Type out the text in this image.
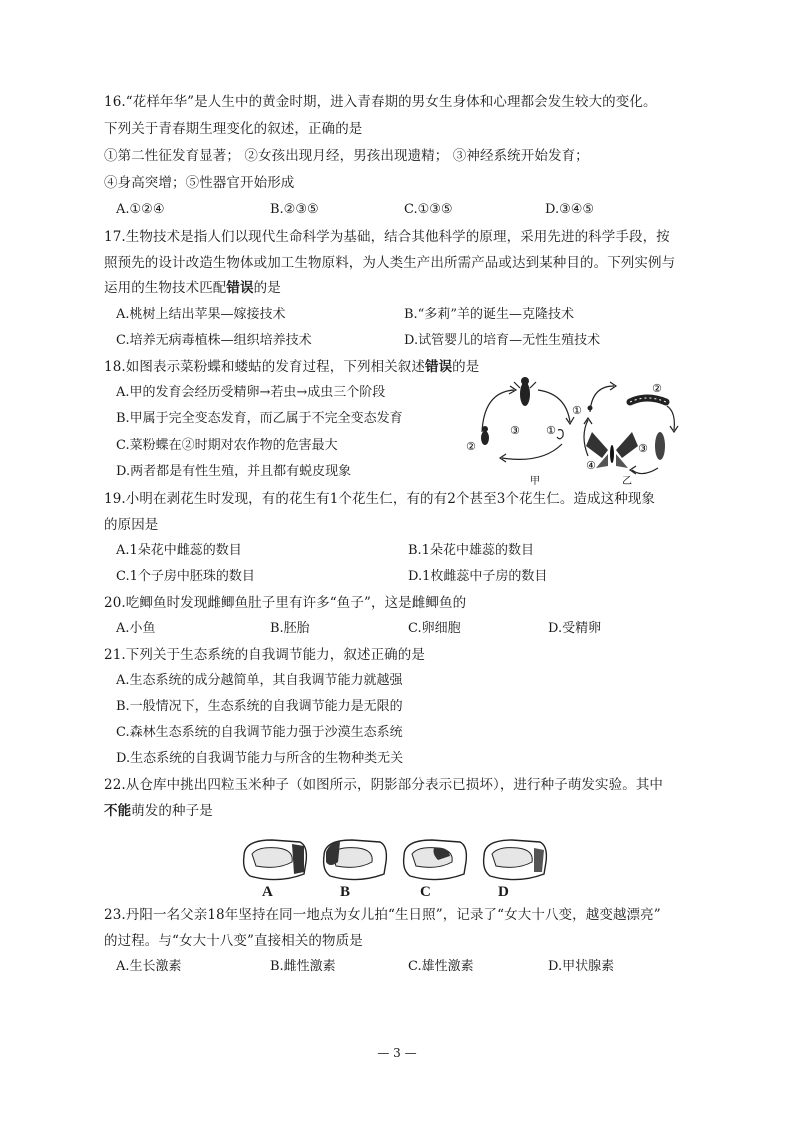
16.“花样年华”是人生中的黄金时期，进入青春期的男女生身体和心理都会发生较大的变化。
下列关于青春期生理变化的叙述，正确的是
①第二性征发育显著； ②女孩出现月经，男孩出现遗精； ③神经系统开始发育；
④身高突增；⑤性器官开始形成
A.①②④	B.②③⑤	C.①③⑤	D.③④⑤
17.生物技术是指人们以现代生命科学为基础，结合其他科学的原理，采用先进的科学手段，按
照预先的设计改造生物体或加工生物原料，为人类生产出所需产品或达到某种目的。下列实例与
运用的生物技术匹配错误的是
A.桃树上结出苹果—嫁接技术	B.“多莉”羊的诞生—克隆技术
C.培养无病毒植株—组织培养技术	D.试管婴儿的培育—无性生殖技术
18.如图表示菜粉蝶和蝼蛄的发育过程，下列相关叙述错误的是
A.甲的发育会经历受精卵→若虫→成虫三个阶段
B.甲属于完全变态发育，而乙属于不完全变态发育
C.菜粉蝶在②时期对农作物的危害最大
D.两者都是有性生殖，并且都有蜕皮现象
③ ①
②
①
②
③
④
甲	乙
19.小明在剥花生时发现，有的花生有1个花生仁，有的有2个甚至3个花生仁。造成这种现象
的原因是
A.1朵花中雌蕊的数目	B.1朵花中雄蕊的数目
C.1个子房中胚珠的数目	D.1枚雌蕊中子房的数目
20.吃鲫鱼时发现雌鲫鱼肚子里有许多“鱼子”，这是雌鲫鱼的
A.小鱼	B.胚胎	C.卵细胞	D.受精卵
21.下列关于生态系统的自我调节能力，叙述正确的是
A.生态系统的成分越简单，其自我调节能力就越强
B.一般情况下，生态系统的自我调节能力是无限的
C.森林生态系统的自我调节能力强于沙漠生态系统
D.生态系统的自我调节能力与所含的生物种类无关
22.从仓库中挑出四粒玉米种子（如图所示，阴影部分表示已损坏），进行种子萌发实验。其中
不能萌发的种子是
A	B	C	D
23.丹阳一名父亲18年坚持在同一地点为女儿拍“生日照”，记录了“女大十八变，越变越漂亮”
的过程。与“女大十八变”直接相关的物质是
A.生长激素	B.雌性激素	C.雄性激素	D.甲状腺素
— 3 —
